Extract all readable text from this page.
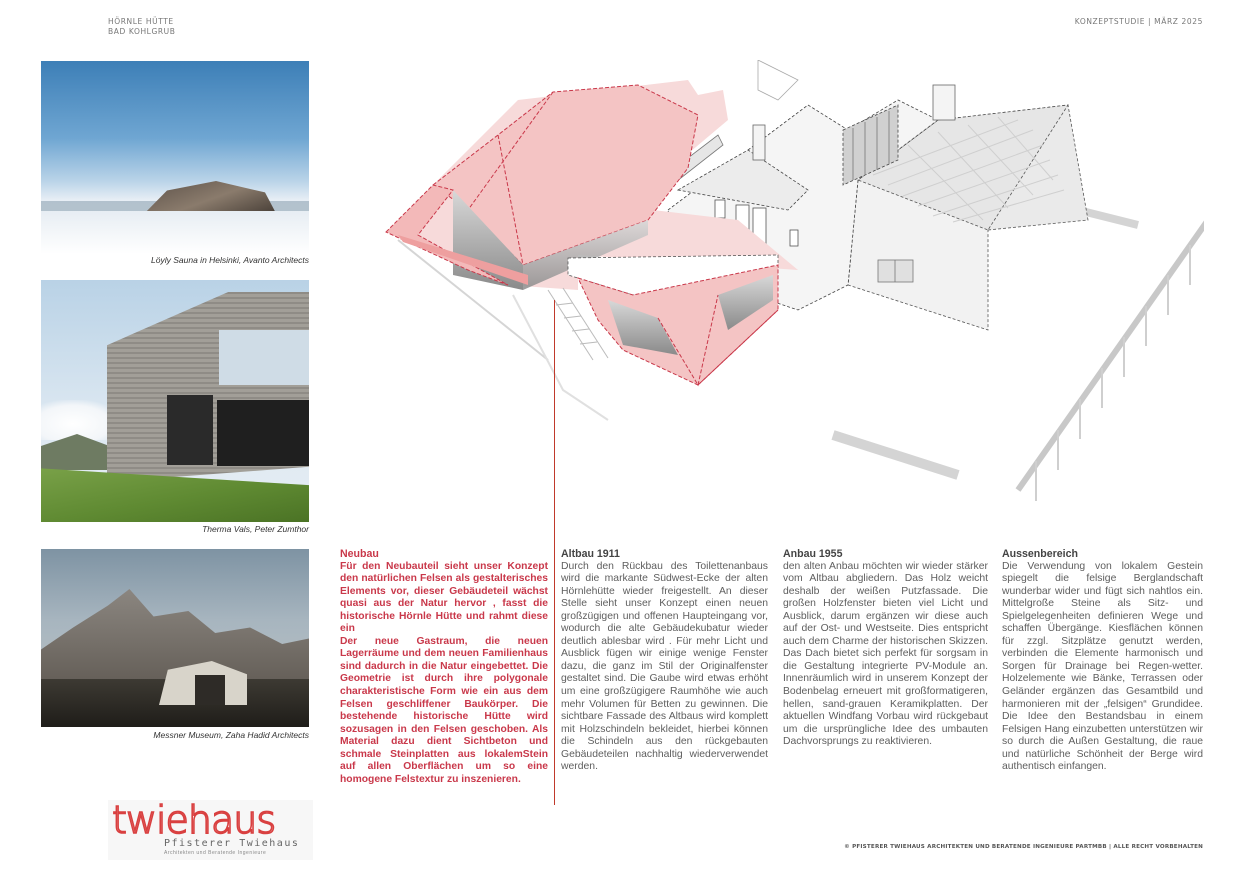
HÖRNLE HÜTTE
BAD KOHLGRUB
KONZEPTSTUDIE | MÄRZ 2025
Löyly Sauna in Helsinki, Avanto Architects
Therma Vals, Peter Zumthor
Messner Museum, Zaha Hadid Architects
twiehaus
Pfisterer Twiehaus
Architekten und Beratende Ingenieure
Neubau

Für den Neubauteil sieht unser Konzept den natürlichen Felsen als gestalterisches Elements vor, dieser Gebäudeteil wächst quasi aus der Natur hervor , fasst die historische Hörnle Hütte und rahmt diese ein

Der neue Gastraum, die neuen Lagerräume und dem neuen Familienhaus sind dadurch in die Natur eingebettet. Die Geometrie ist durch ihre polygonale charakteristische Form wie ein aus dem Felsen geschliffener Baukörper. Die bestehende historische Hütte wird sozusagen in den Felsen geschoben. Als Material dazu dient Sichtbeton und schmale Steinplatten aus lokalemStein auf allen Oberflächen um so eine homogene Felstextur zu inszenieren.

Altbau 1911

Durch den Rückbau des Toilettenanbaus wird die markante Südwest-Ecke der alten Hörnlehütte wieder freigestellt. An dieser Stelle sieht unser Konzept einen neuen großzügigen und offenen Haupteingang vor, wodurch die alte Gebäudekubatur wieder deutlich ablesbar wird . Für mehr Licht und Ausblick fügen wir einige wenige Fenster dazu, die ganz im Stil der Originalfenster gestaltet sind. Die Gaube wird etwas erhöht um eine großzügigere Raumhöhe wie auch mehr Volumen für Betten zu gewinnen. Die sichtbare Fassade des Altbaus wird komplett mit Holzschindeln bekleidet, hierbei können die Schindeln aus den rückgebauten Gebäudeteilen nachhaltig wiederverwendet werden.

Anbau 1955

den alten Anbau möchten wir wieder stärker vom Altbau abgliedern. Das Holz weicht deshalb der weißen Putzfassade. Die großen Holzfenster bieten viel Licht und Ausblick, darum ergänzen wir diese auch auf der Ost- und Westseite. Dies entspricht auch dem Charme der historischen Skizzen. Das Dach bietet sich perfekt für sorgsam in die Gestaltung integrierte PV-Module an. Innenräumlich wird in unserem Konzept der Bodenbelag erneuert mit großformatigeren, hellen, sand-grauen Keramikplatten. Der aktuellen Windfang Vorbau wird rückgebaut um die ursprüngliche Idee des umbauten Dachvorsprungs zu reaktivieren.

Aussenbereich

Die Verwendung von lokalem Gestein spiegelt die felsige Berglandschaft wunderbar wider und fügt sich nahtlos ein. Mittelgroße Steine als Sitz- und Spielgelegenheiten definieren Wege und schaffen Übergänge. Kiesflächen können für zzgl. Sitzplätze genutzt werden, verbinden die Elemente harmonisch und Sorgen für Drainage bei Regen-wetter. Holzelemente wie Bänke, Terrassen oder Geländer ergänzen das Gesamtbild und harmonieren mit der „felsigen“ Grundidee. Die Idee den Bestandsbau in einem Felsigen Hang einzubetten unterstützen wir so durch die Außen Gestaltung, die raue und natürliche Schönheit der Berge wird authentisch einfangen.

© PFISTERER TWIEHAUS ARCHITEKTEN UND BERATENDE INGENIEURE PARTMBB | ALLE RECHT VORBEHALTEN
